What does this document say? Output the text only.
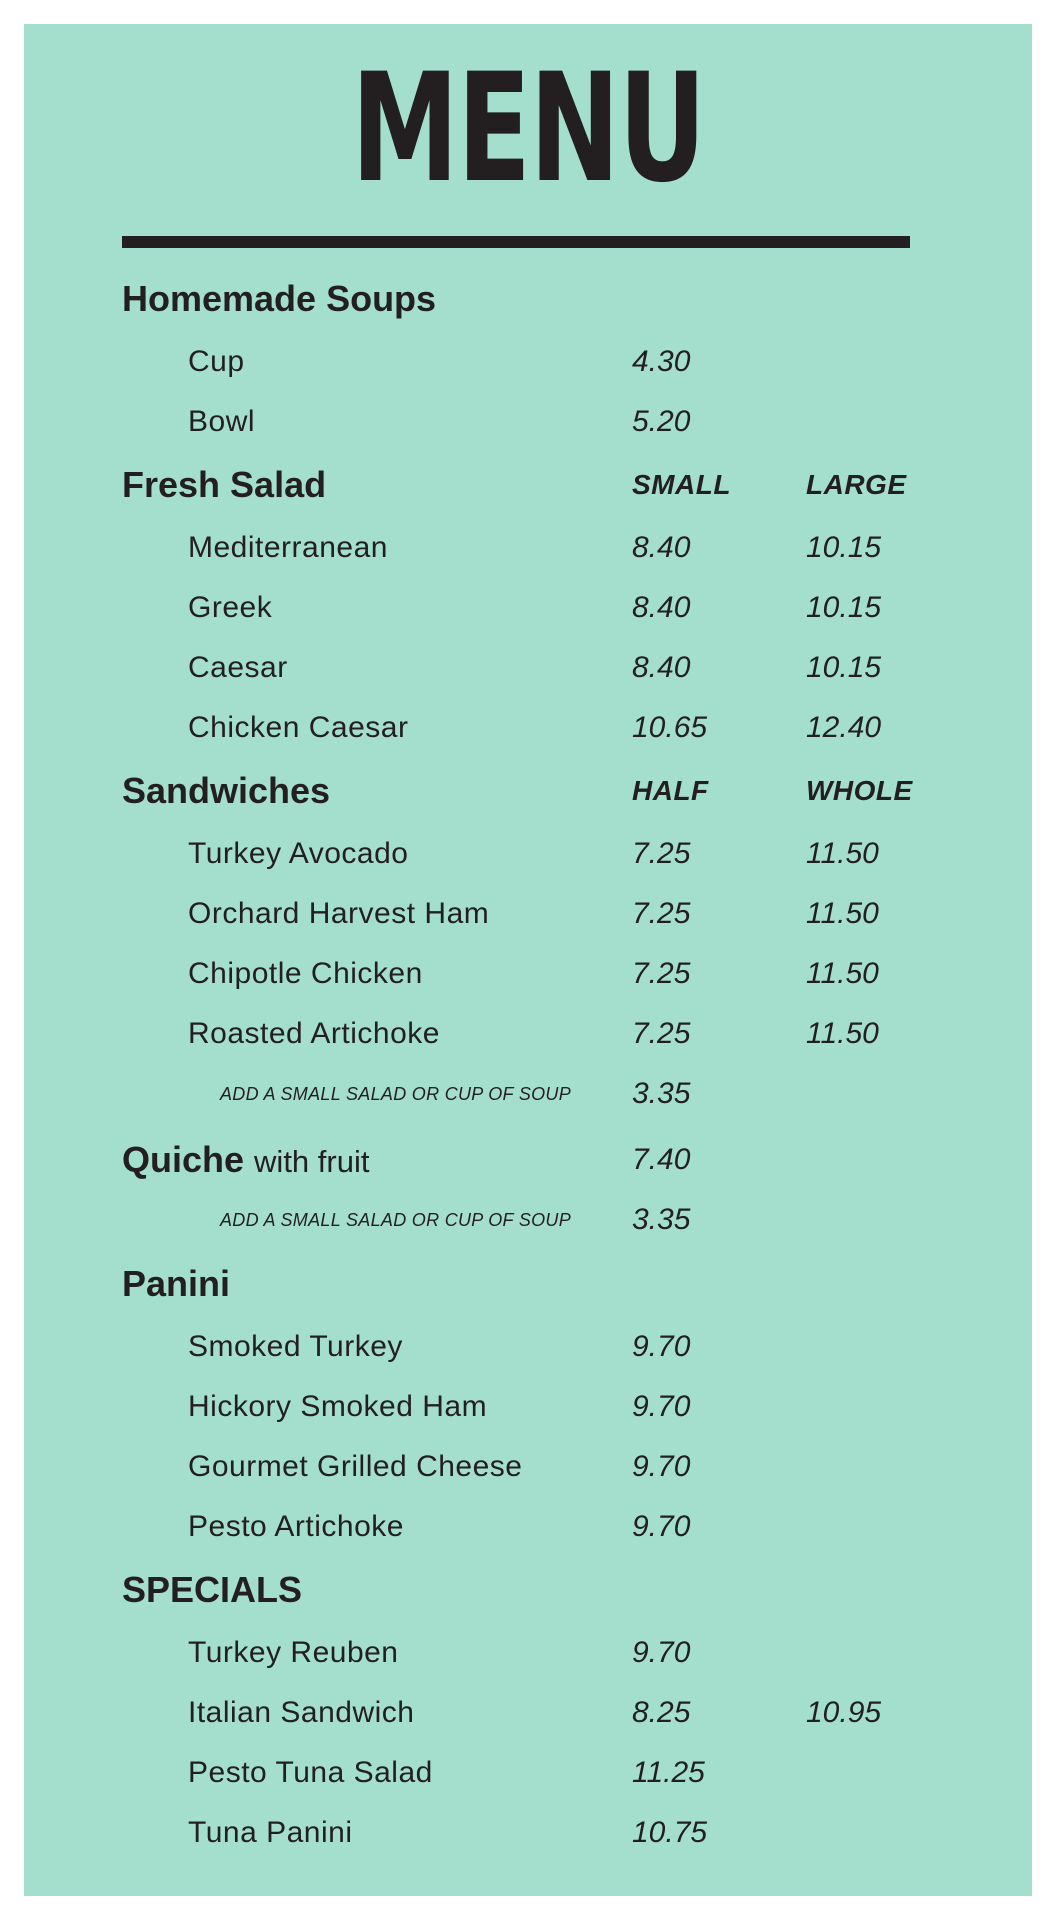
MENU
Homemade Soups
Cup	4.30
Bowl	5.20
Fresh Salad	SMALL	LARGE
Mediterranean	8.40	10.15
Greek	8.40	10.15
Caesar	8.40	10.15
Chicken Caesar	10.65	12.40
Sandwiches	HALF	WHOLE
Turkey Avocado	7.25	11.50
Orchard Harvest Ham	7.25	11.50
Chipotle Chicken	7.25	11.50
Roasted Artichoke	7.25	11.50
ADD A SMALL SALAD OR CUP OF SOUP 3.35
Quiche with fruit	7.40
ADD A SMALL SALAD OR CUP OF SOUP 3.35
Panini
Smoked Turkey	9.70
Hickory Smoked Ham	9.70
Gourmet Grilled Cheese	9.70
Pesto Artichoke	9.70
SPECIALS
Turkey Reuben	9.70
Italian Sandwich	8.25	10.95
Pesto Tuna Salad	11.25
Tuna Panini	10.75
